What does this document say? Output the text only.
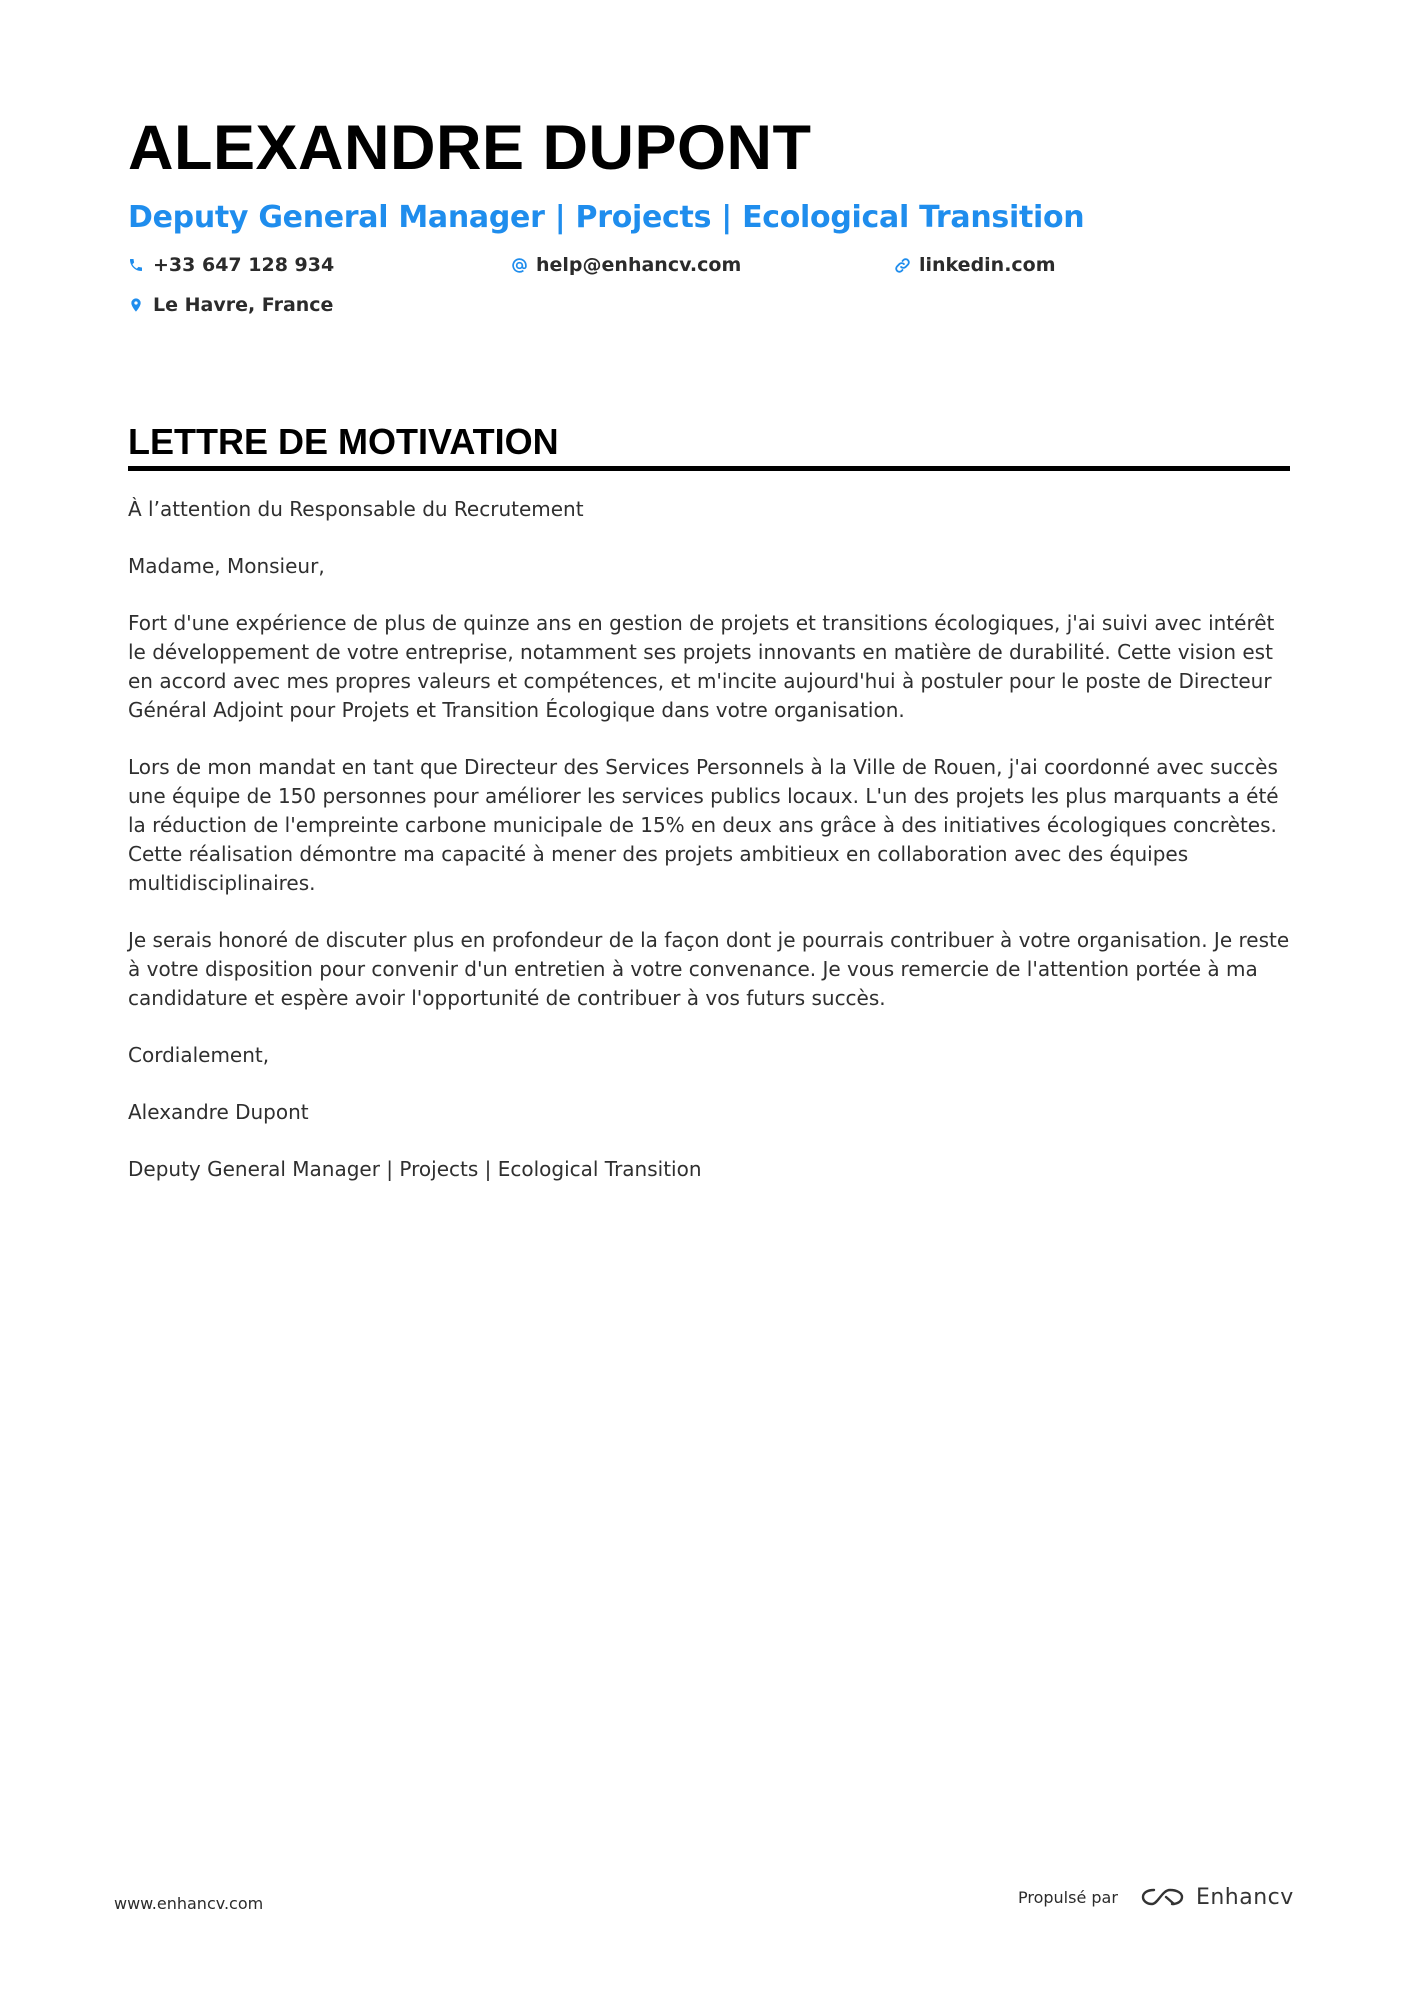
ALEXANDRE DUPONT
Deputy General Manager | Projects | Ecological Transition
+33 647 128 934	help@enhancv.com	linkedin.com
Le Havre, France
LETTRE DE MOTIVATION

À l’attention du Responsable du Recrutement

Madame, Monsieur,

Fort d'une expérience de plus de quinze ans en gestion de projets et transitions écologiques, j'ai suivi avec intérêt le développement de votre entreprise, notamment ses projets innovants en matière de durabilité. Cette vision est en accord avec mes propres valeurs et compétences, et m'incite aujourd'hui à postuler pour le poste de Directeur Général Adjoint pour Projets et Transition Écologique dans votre organisation.

Lors de mon mandat en tant que Directeur des Services Personnels à la Ville de Rouen, j'ai coordonné avec succès une équipe de 150 personnes pour améliorer les services publics locaux. L'un des projets les plus marquants a été la réduction de l'empreinte carbone municipale de 15% en deux ans grâce à des initiatives écologiques concrètes. Cette réalisation démontre ma capacité à mener des projets ambitieux en collaboration avec des équipes multidisciplinaires.

Je serais honoré de discuter plus en profondeur de la façon dont je pourrais contribuer à votre organisation. Je reste à votre disposition pour convenir d'un entretien à votre convenance. Je vous remercie de l'attention portée à ma candidature et espère avoir l'opportunité de contribuer à vos futurs succès.

Cordialement,

Alexandre Dupont

Deputy General Manager | Projects | Ecological Transition

www.enhancv.com	Propulsé par	Enhancv
